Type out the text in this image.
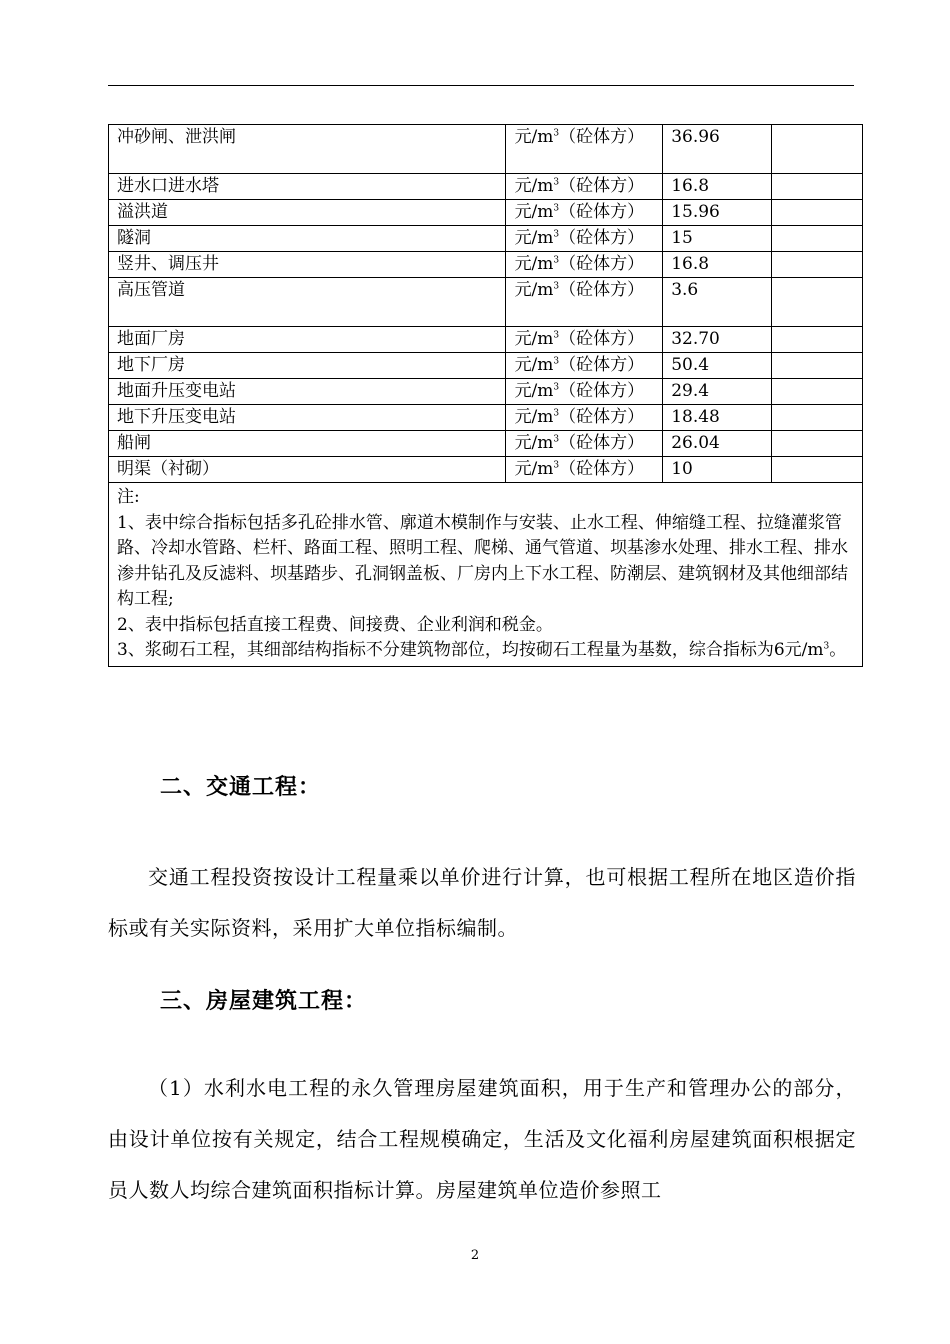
冲砂闸、泄洪闸	元$/m^3$（砼体方）	36.96	
进水口进水塔	元$/m^3$（砼体方）	16.8	
溢洪道	元$/m^3$（砼体方）	15.96	
隧洞	元$/m^3$（砼体方）	15	
竖井、调压井	元$/m^3$（砼体方）	16.8	
高压管道	元$/m^3$（砼体方）	3.6	
地面厂房	元$/m^3$（砼体方）	32.70	
地下厂房	元$/m^3$（砼体方）	50.4	
地面升压变电站	元$/m^3$（砼体方）	29.4	
地下升压变电站	元$/m^3$（砼体方）	18.48	
船闸	元$/m^3$（砼体方）	26.04	
明渠（衬砌）	元$/m^3$（砼体方）	10	

注:

1、表中综合指标包括多孔砼排水管、廓道木模制作与安装、止水工程、伸缩缝工程、拉缝灌浆管路、冷却水管路、栏杆、路面工程、照明工程、爬梯、通气管道、坝基渗水处理、排水工程、排水渗井钻孔及反滤料、坝基踏步、孔洞钢盖板、厂房内上下水工程、防潮层、建筑钢材及其他细部结构工程;

2、表中指标包括直接工程费、间接费、企业利润和税金。

3、浆砌石工程，其细部结构指标不分建筑物部位，均按砌石工程量为基数，综合指标为6元$/m^3$。			

二、交通工程：

交通工程投资按设计工程量乘以单价进行计算，也可根据工程所在地区造价指标或有关实际资料，采用扩大单位指标编制。

三、房屋建筑工程：

（1）水利水电工程的永久管理房屋建筑面积，用于生产和管理办公的部分，由设计单位按有关规定，结合工程规模确定，生活及文化福利房屋建筑面积根据定员人数人均综合建筑面积指标计算。房屋建筑单位造价参照工

2
